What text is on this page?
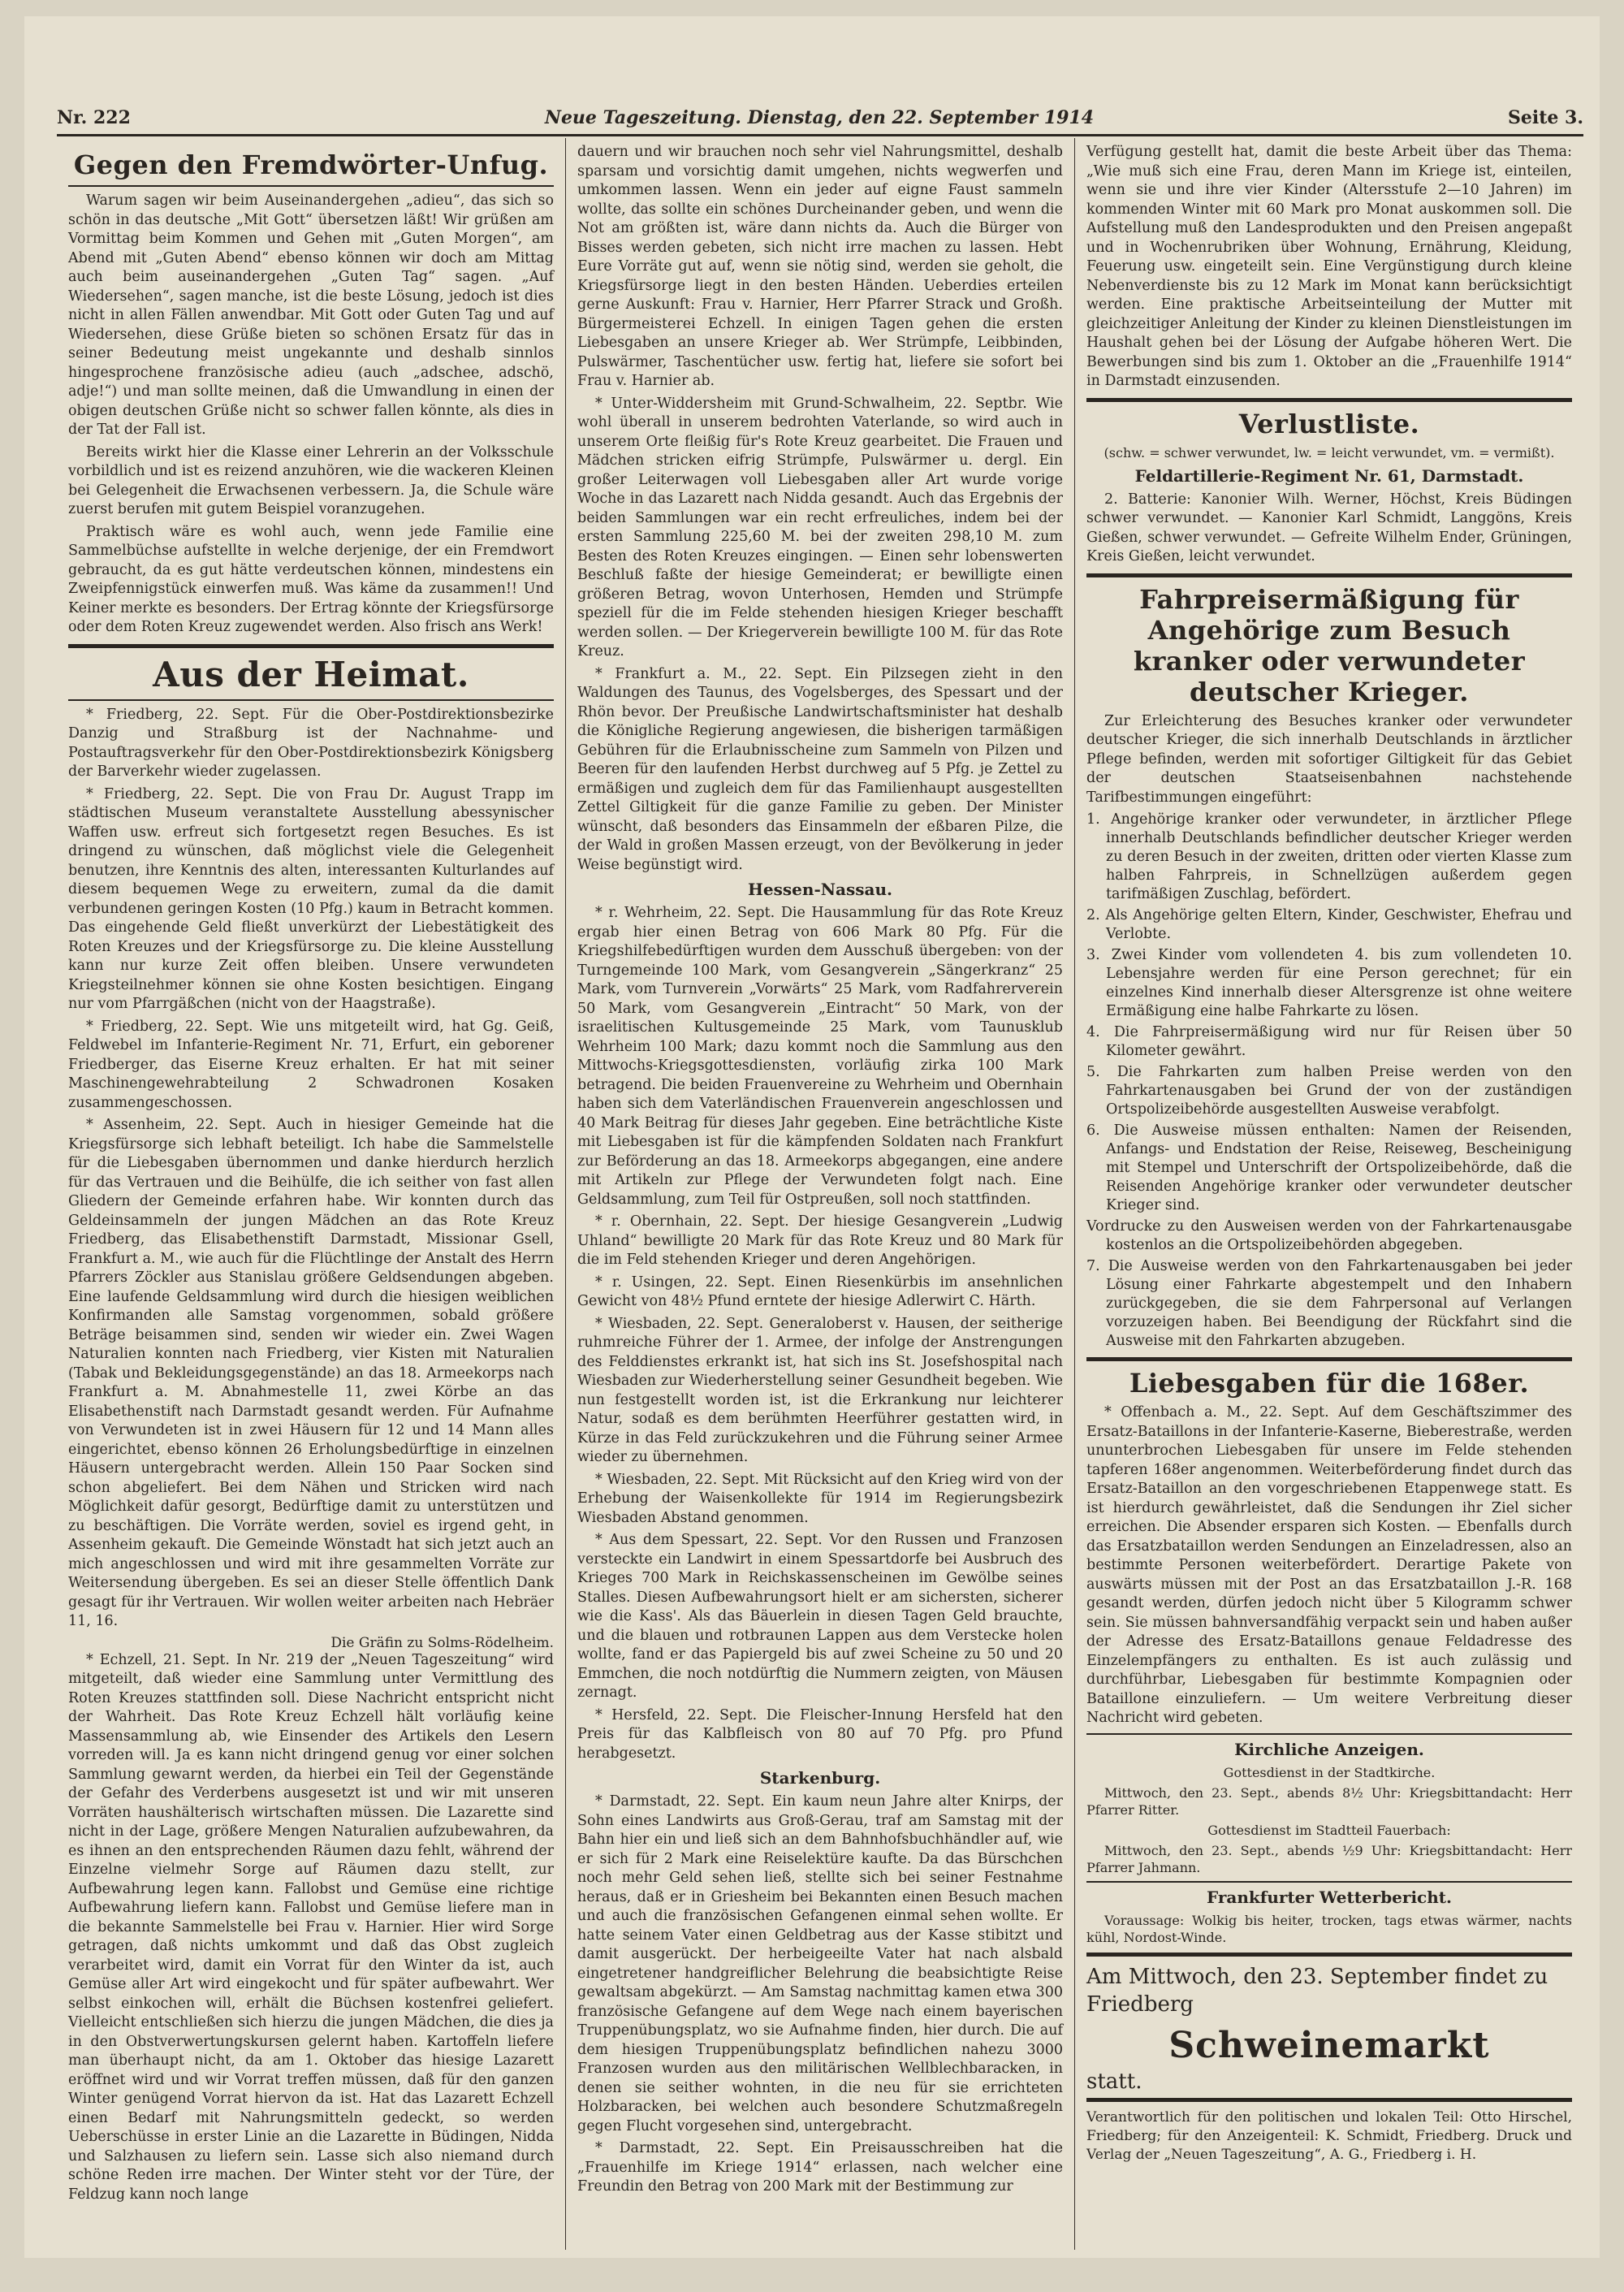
Nr. 222	Neue Tageszeitung. Dienstag, den 22. September 1914	Seite 3.
Gegen den Fremdwörter-Unfug.

Warum sagen wir beim Auseinandergehen „adieu“, das sich so schön in das deutsche „Mit Gott“ übersetzen läßt! Wir grüßen am Vormittag beim Kommen und Gehen mit „Guten Morgen“, am Abend mit „Guten Abend“ ebenso können wir doch am Mittag auch beim auseinandergehen „Guten Tag“ sagen. „Auf Wiedersehen“, sagen manche, ist die beste Lösung, jedoch ist dies nicht in allen Fällen anwendbar. Mit Gott oder Guten Tag und auf Wiedersehen, diese Grüße bieten so schönen Ersatz für das in seiner Bedeutung meist ungekannte und deshalb sinnlos hingesprochene französische adieu (auch „adschee, adschö, adje!“) und man sollte meinen, daß die Umwandlung in einen der obigen deutschen Grüße nicht so schwer fallen könnte, als dies in der Tat der Fall ist.

Bereits wirkt hier die Klasse einer Lehrerin an der Volksschule vorbildlich und ist es reizend anzuhören, wie die wackeren Kleinen bei Gelegenheit die Erwachsenen verbessern. Ja, die Schule wäre zuerst berufen mit gutem Beispiel voranzugehen.

Praktisch wäre es wohl auch, wenn jede Familie eine Sammelbüchse aufstellte in welche derjenige, der ein Fremdwort gebraucht, da es gut hätte verdeutschen können, mindestens ein Zweipfennigstück einwerfen muß. Was käme da zusammen!! Und Keiner merkte es besonders. Der Ertrag könnte der Kriegsfürsorge oder dem Roten Kreuz zugewendet werden. Also frisch ans Werk!

Aus der Heimat.

* Friedberg, 22. Sept. Für die Ober-Postdirektionsbezirke Danzig und Straßburg ist der Nachnahme- und Postauftragsverkehr für den Ober-Postdirektionsbezirk Königsberg der Barverkehr wieder zugelassen.

* Friedberg, 22. Sept. Die von Frau Dr. August Trapp im städtischen Museum veranstaltete Ausstellung abessynischer Waffen usw. erfreut sich fortgesetzt regen Besuches. Es ist dringend zu wünschen, daß möglichst viele die Gelegenheit benutzen, ihre Kenntnis des alten, interessanten Kulturlandes auf diesem bequemen Wege zu erweitern, zumal da die damit verbundenen geringen Kosten (10 Pfg.) kaum in Betracht kommen. Das eingehende Geld fließt unverkürzt der Liebestätigkeit des Roten Kreuzes und der Kriegsfürsorge zu. Die kleine Ausstellung kann nur kurze Zeit offen bleiben. Unsere verwundeten Kriegsteilnehmer können sie ohne Kosten besichtigen. Eingang nur vom Pfarrgäßchen (nicht von der Haagstraße).

* Friedberg, 22. Sept. Wie uns mitgeteilt wird, hat Gg. Geiß, Feldwebel im Infanterie-Regiment Nr. 71, Erfurt, ein geborener Friedberger, das Eiserne Kreuz erhalten. Er hat mit seiner Maschinengewehrabteilung 2 Schwadronen Kosaken zusammengeschossen.

* Assenheim, 22. Sept. Auch in hiesiger Gemeinde hat die Kriegsfürsorge sich lebhaft beteiligt. Ich habe die Sammelstelle für die Liebesgaben übernommen und danke hierdurch herzlich für das Vertrauen und die Beihülfe, die ich seither von fast allen Gliedern der Gemeinde erfahren habe. Wir konnten durch das Geldeinsammeln der jungen Mädchen an das Rote Kreuz Friedberg, das Elisabethenstift Darmstadt, Missionar Gsell, Frankfurt a. M., wie auch für die Flüchtlinge der Anstalt des Herrn Pfarrers Zöckler aus Stanislau größere Geldsendungen abgeben. Eine laufende Geldsammlung wird durch die hiesigen weiblichen Konfirmanden alle Samstag vorgenommen, sobald größere Beträge beisammen sind, senden wir wieder ein. Zwei Wagen Naturalien konnten nach Friedberg, vier Kisten mit Naturalien (Tabak und Bekleidungsgegenstände) an das 18. Armeekorps nach Frankfurt a. M. Abnahmestelle 11, zwei Körbe an das Elisabethenstift nach Darmstadt gesandt werden. Für Aufnahme von Verwundeten ist in zwei Häusern für 12 und 14 Mann alles eingerichtet, ebenso können 26 Erholungsbedürftige in einzelnen Häusern untergebracht werden. Allein 150 Paar Socken sind schon abgeliefert. Bei dem Nähen und Stricken wird nach Möglichkeit dafür gesorgt, Bedürftige damit zu unterstützen und zu beschäftigen. Die Vorräte werden, soviel es irgend geht, in Assenheim gekauft. Die Gemeinde Wönstadt hat sich jetzt auch an mich angeschlossen und wird mit ihre gesammelten Vorräte zur Weitersendung übergeben. Es sei an dieser Stelle öffentlich Dank gesagt für ihr Vertrauen. Wir wollen weiter arbeiten nach Hebräer 11, 16.

Die Gräfin zu Solms-Rödelheim.

* Echzell, 21. Sept. In Nr. 219 der „Neuen Tageszeitung“ wird mitgeteilt, daß wieder eine Sammlung unter Vermittlung des Roten Kreuzes stattfinden soll. Diese Nachricht entspricht nicht der Wahrheit. Das Rote Kreuz Echzell hält vorläufig keine Massensammlung ab, wie Einsender des Artikels den Lesern vorreden will. Ja es kann nicht dringend genug vor einer solchen Sammlung gewarnt werden, da hierbei ein Teil der Gegenstände der Gefahr des Verderbens ausgesetzt ist und wir mit unseren Vorräten haushälterisch wirtschaften müssen. Die Lazarette sind nicht in der Lage, größere Mengen Naturalien aufzubewahren, da es ihnen an den entsprechenden Räumen dazu fehlt, während der Einzelne vielmehr Sorge auf Räumen dazu stellt, zur Aufbewahrung legen kann. Fallobst und Gemüse eine richtige Aufbewahrung liefern kann. Fallobst und Gemüse liefere man in die bekannte Sammelstelle bei Frau v. Harnier. Hier wird Sorge getragen, daß nichts umkommt und daß das Obst zugleich verarbeitet wird, damit ein Vorrat für den Winter da ist, auch Gemüse aller Art wird eingekocht und für später aufbewahrt. Wer selbst einkochen will, erhält die Büchsen kostenfrei geliefert. Vielleicht entschließen sich hierzu die jungen Mädchen, die dies ja in den Obstverwertungskursen gelernt haben. Kartoffeln liefere man überhaupt nicht, da am 1. Oktober das hiesige Lazarett eröffnet wird und wir Vorrat treffen müssen, daß für den ganzen Winter genügend Vorrat hiervon da ist. Hat das Lazarett Echzell einen Bedarf mit Nahrungsmitteln gedeckt, so werden Ueberschüsse in erster Linie an die Lazarette in Büdingen, Nidda und Salzhausen zu liefern sein. Lasse sich also niemand durch schöne Reden irre machen. Der Winter steht vor der Türe, der Feldzug kann noch lange

dauern und wir brauchen noch sehr viel Nahrungsmittel, deshalb sparsam und vorsichtig damit umgehen, nichts wegwerfen und umkommen lassen. Wenn ein jeder auf eigne Faust sammeln wollte, das sollte ein schönes Durcheinander geben, und wenn die Not am größten ist, wäre dann nichts da. Auch die Bürger von Bisses werden gebeten, sich nicht irre machen zu lassen. Hebt Eure Vorräte gut auf, wenn sie nötig sind, werden sie geholt, die Kriegsfürsorge liegt in den besten Händen. Ueberdies erteilen gerne Auskunft: Frau v. Harnier, Herr Pfarrer Strack und Großh. Bürgermeisterei Echzell. In einigen Tagen gehen die ersten Liebesgaben an unsere Krieger ab. Wer Strümpfe, Leibbinden, Pulswärmer, Taschentücher usw. fertig hat, liefere sie sofort bei Frau v. Harnier ab.

* Unter-Widdersheim mit Grund-Schwalheim, 22. Septbr. Wie wohl überall in unserem bedrohten Vaterlande, so wird auch in unserem Orte fleißig für's Rote Kreuz gearbeitet. Die Frauen und Mädchen stricken eifrig Strümpfe, Pulswärmer u. dergl. Ein großer Leiterwagen voll Liebesgaben aller Art wurde vorige Woche in das Lazarett nach Nidda gesandt. Auch das Ergebnis der beiden Sammlungen war ein recht erfreuliches, indem bei der ersten Sammlung 225,60 M. bei der zweiten 298,10 M. zum Besten des Roten Kreuzes eingingen. — Einen sehr lobenswerten Beschluß faßte der hiesige Gemeinderat; er bewilligte einen größeren Betrag, wovon Unterhosen, Hemden und Strümpfe speziell für die im Felde stehenden hiesigen Krieger beschafft werden sollen. — Der Kriegerverein bewilligte 100 M. für das Rote Kreuz.

* Frankfurt a. M., 22. Sept. Ein Pilzsegen zieht in den Waldungen des Taunus, des Vogelsberges, des Spessart und der Rhön bevor. Der Preußische Landwirtschaftsminister hat deshalb die Königliche Regierung angewiesen, die bisherigen tarmäßigen Gebühren für die Erlaubnisscheine zum Sammeln von Pilzen und Beeren für den laufenden Herbst durchweg auf 5 Pfg. je Zettel zu ermäßigen und zugleich dem für das Familienhaupt ausgestellten Zettel Giltigkeit für die ganze Familie zu geben. Der Minister wünscht, daß besonders das Einsammeln der eßbaren Pilze, die der Wald in großen Massen erzeugt, von der Bevölkerung in jeder Weise begünstigt wird.

Hessen-Nassau.

* r. Wehrheim, 22. Sept. Die Hausammlung für das Rote Kreuz ergab hier einen Betrag von 606 Mark 80 Pfg. Für die Kriegshilfebedürftigen wurden dem Ausschuß übergeben: von der Turngemeinde 100 Mark, vom Gesangverein „Sängerkranz“ 25 Mark, vom Turnverein „Vorwärts“ 25 Mark, vom Radfahrerverein 50 Mark, vom Gesangverein „Eintracht“ 50 Mark, von der israelitischen Kultusgemeinde 25 Mark, vom Taunusklub Wehrheim 100 Mark; dazu kommt noch die Sammlung aus den Mittwochs-Kriegsgottesdiensten, vorläufig zirka 100 Mark betragend. Die beiden Frauenvereine zu Wehrheim und Obernhain haben sich dem Vaterländischen Frauenverein angeschlossen und 40 Mark Beitrag für dieses Jahr gegeben. Eine beträchtliche Kiste mit Liebesgaben ist für die kämpfenden Soldaten nach Frankfurt zur Beförderung an das 18. Armeekorps abgegangen, eine andere mit Artikeln zur Pflege der Verwundeten folgt nach. Eine Geldsammlung, zum Teil für Ostpreußen, soll noch stattfinden.

* r. Obernhain, 22. Sept. Der hiesige Gesangverein „Ludwig Uhland“ bewilligte 20 Mark für das Rote Kreuz und 80 Mark für die im Feld stehenden Krieger und deren Angehörigen.

* r. Usingen, 22. Sept. Einen Riesenkürbis im ansehnlichen Gewicht von 48½ Pfund erntete der hiesige Adlerwirt C. Härth.

* Wiesbaden, 22. Sept. Generaloberst v. Hausen, der seitherige ruhmreiche Führer der 1. Armee, der infolge der Anstrengungen des Felddienstes erkrankt ist, hat sich ins St. Josefshospital nach Wiesbaden zur Wiederherstellung seiner Gesundheit begeben. Wie nun festgestellt worden ist, ist die Erkrankung nur leichterer Natur, sodaß es dem berühmten Heerführer gestatten wird, in Kürze in das Feld zurückzukehren und die Führung seiner Armee wieder zu übernehmen.

* Wiesbaden, 22. Sept. Mit Rücksicht auf den Krieg wird von der Erhebung der Waisenkollekte für 1914 im Regierungsbezirk Wiesbaden Abstand genommen.

* Aus dem Spessart, 22. Sept. Vor den Russen und Franzosen versteckte ein Landwirt in einem Spessartdorfe bei Ausbruch des Krieges 700 Mark in Reichskassenscheinen im Gewölbe seines Stalles. Diesen Aufbewahrungsort hielt er am sichersten, sicherer wie die Kass'. Als das Bäuerlein in diesen Tagen Geld brauchte, und die blauen und rotbraunen Lappen aus dem Verstecke holen wollte, fand er das Papiergeld bis auf zwei Scheine zu 50 und 20 Emmchen, die noch notdürftig die Nummern zeigten, von Mäusen zernagt.

* Hersfeld, 22. Sept. Die Fleischer-Innung Hersfeld hat den Preis für das Kalbfleisch von 80 auf 70 Pfg. pro Pfund herabgesetzt.

Starkenburg.

* Darmstadt, 22. Sept. Ein kaum neun Jahre alter Knirps, der Sohn eines Landwirts aus Groß-Gerau, traf am Samstag mit der Bahn hier ein und ließ sich an dem Bahnhofsbuchhändler auf, wie er sich für 2 Mark eine Reiselektüre kaufte. Da das Bürschchen noch mehr Geld sehen ließ, stellte sich bei seiner Festnahme heraus, daß er in Griesheim bei Bekannten einen Besuch machen und auch die französischen Gefangenen einmal sehen wollte. Er hatte seinem Vater einen Geldbetrag aus der Kasse stibitzt und damit ausgerückt. Der herbeigeeilte Vater hat nach alsbald eingetretener handgreiflicher Belehrung die beabsichtigte Reise gewaltsam abgekürzt. — Am Samstag nachmittag kamen etwa 300 französische Gefangene auf dem Wege nach einem bayerischen Truppenübungsplatz, wo sie Aufnahme finden, hier durch. Die auf dem hiesigen Truppenübungsplatz befindlichen nahezu 3000 Franzosen wurden aus den militärischen Wellblechbaracken, in denen sie seither wohnten, in die neu für sie errichteten Holzbaracken, bei welchen auch besondere Schutzmaßregeln gegen Flucht vorgesehen sind, untergebracht.

* Darmstadt, 22. Sept. Ein Preisausschreiben hat die „Frauenhilfe im Kriege 1914“ erlassen, nach welcher eine Freundin den Betrag von 200 Mark mit der Bestimmung zur

Verfügung gestellt hat, damit die beste Arbeit über das Thema: „Wie muß sich eine Frau, deren Mann im Kriege ist, einteilen, wenn sie und ihre vier Kinder (Altersstufe 2—10 Jahren) im kommenden Winter mit 60 Mark pro Monat auskommen soll. Die Aufstellung muß den Landesprodukten und den Preisen angepaßt und in Wochenrubriken über Wohnung, Ernährung, Kleidung, Feuerung usw. eingeteilt sein. Eine Vergünstigung durch kleine Nebenverdienste bis zu 12 Mark im Monat kann berücksichtigt werden. Eine praktische Arbeitseinteilung der Mutter mit gleichzeitiger Anleitung der Kinder zu kleinen Dienstleistungen im Haushalt gehen bei der Lösung der Aufgabe höheren Wert. Die Bewerbungen sind bis zum 1. Oktober an die „Frauenhilfe 1914“ in Darmstadt einzusenden.

Verlustliste.

(schw. = schwer verwundet, lw. = leicht verwundet, vm. = vermißt).

Feldartillerie-Regiment Nr. 61, Darmstadt.

2. Batterie: Kanonier Wilh. Werner, Höchst, Kreis Büdingen schwer verwundet. — Kanonier Karl Schmidt, Langgöns, Kreis Gießen, schwer verwundet. — Gefreite Wilhelm Ender, Grüningen, Kreis Gießen, leicht verwundet.

Fahrpreisermäßigung für Angehörige zum Besuch kranker oder verwundeter deutscher Krieger.

Zur Erleichterung des Besuches kranker oder verwundeter deutscher Krieger, die sich innerhalb Deutschlands in ärztlicher Pflege befinden, werden mit sofortiger Giltigkeit für das Gebiet der deutschen Staatseisenbahnen nachstehende Tarifbestimmungen eingeführt:

1. Angehörige kranker oder verwundeter, in ärztlicher Pflege innerhalb Deutschlands befindlicher deutscher Krieger werden zu deren Besuch in der zweiten, dritten oder vierten Klasse zum halben Fahrpreis, in Schnellzügen außerdem gegen tarifmäßigen Zuschlag, befördert.
2. Als Angehörige gelten Eltern, Kinder, Geschwister, Ehefrau und Verlobte.
3. Zwei Kinder vom vollendeten 4. bis zum vollendeten 10. Lebensjahre werden für eine Person gerechnet; für ein einzelnes Kind innerhalb dieser Altersgrenze ist ohne weitere Ermäßigung eine halbe Fahrkarte zu lösen.
4. Die Fahrpreisermäßigung wird nur für Reisen über 50 Kilometer gewährt.
5. Die Fahrkarten zum halben Preise werden von den Fahrkartenausgaben bei Grund der von der zuständigen Ortspolizeibehörde ausgestellten Ausweise verabfolgt.
6. Die Ausweise müssen enthalten: Namen der Reisenden, Anfangs- und Endstation der Reise, Reiseweg, Bescheinigung mit Stempel und Unterschrift der Ortspolizeibehörde, daß die Reisenden Angehörige kranker oder verwundeter deutscher Krieger sind.
Vordrucke zu den Ausweisen werden von der Fahrkartenausgabe kostenlos an die Ortspolizeibehörden abgegeben.
7. Die Ausweise werden von den Fahrkartenausgaben bei jeder Lösung einer Fahrkarte abgestempelt und den Inhabern zurückgegeben, die sie dem Fahrpersonal auf Verlangen vorzuzeigen haben. Bei Beendigung der Rückfahrt sind die Ausweise mit den Fahrkarten abzugeben.
Liebesgaben für die 168er.

* Offenbach a. M., 22. Sept. Auf dem Geschäftszimmer des Ersatz-Bataillons in der Infanterie-Kaserne, Bieberestraße, werden ununterbrochen Liebesgaben für unsere im Felde stehenden tapferen 168er angenommen. Weiterbeförderung findet durch das Ersatz-Bataillon an den vorgeschriebenen Etappenwege statt. Es ist hierdurch gewährleistet, daß die Sendungen ihr Ziel sicher erreichen. Die Absender ersparen sich Kosten. — Ebenfalls durch das Ersatzbataillon werden Sendungen an Einzeladressen, also an bestimmte Personen weiterbefördert. Derartige Pakete von auswärts müssen mit der Post an das Ersatzbataillon J.-R. 168 gesandt werden, dürfen jedoch nicht über 5 Kilogramm schwer sein. Sie müssen bahnversandfähig verpackt sein und haben außer der Adresse des Ersatz-Bataillons genaue Feldadresse des Einzelempfängers zu enthalten. Es ist auch zulässig und durchführbar, Liebesgaben für bestimmte Kompagnien oder Bataillone einzuliefern. — Um weitere Verbreitung dieser Nachricht wird gebeten.

Kirchliche Anzeigen.

Gottesdienst in der Stadtkirche.

Mittwoch, den 23. Sept., abends 8½ Uhr: Kriegsbittandacht: Herr Pfarrer Ritter.

Gottesdienst im Stadtteil Fauerbach:

Mittwoch, den 23. Sept., abends ½9 Uhr: Kriegsbittandacht: Herr Pfarrer Jahmann.

Frankfurter Wetterbericht.

Voraussage: Wolkig bis heiter, trocken, tags etwas wärmer, nachts kühl, Nordost-Winde.

Am Mittwoch, den 23. September findet zu Friedberg

Schweinemarkt

statt.

Verantwortlich für den politischen und lokalen Teil: Otto Hirschel, Friedberg; für den Anzeigenteil: K. Schmidt, Friedberg. Druck und Verlag der „Neuen Tageszeitung“, A. G., Friedberg i. H.
